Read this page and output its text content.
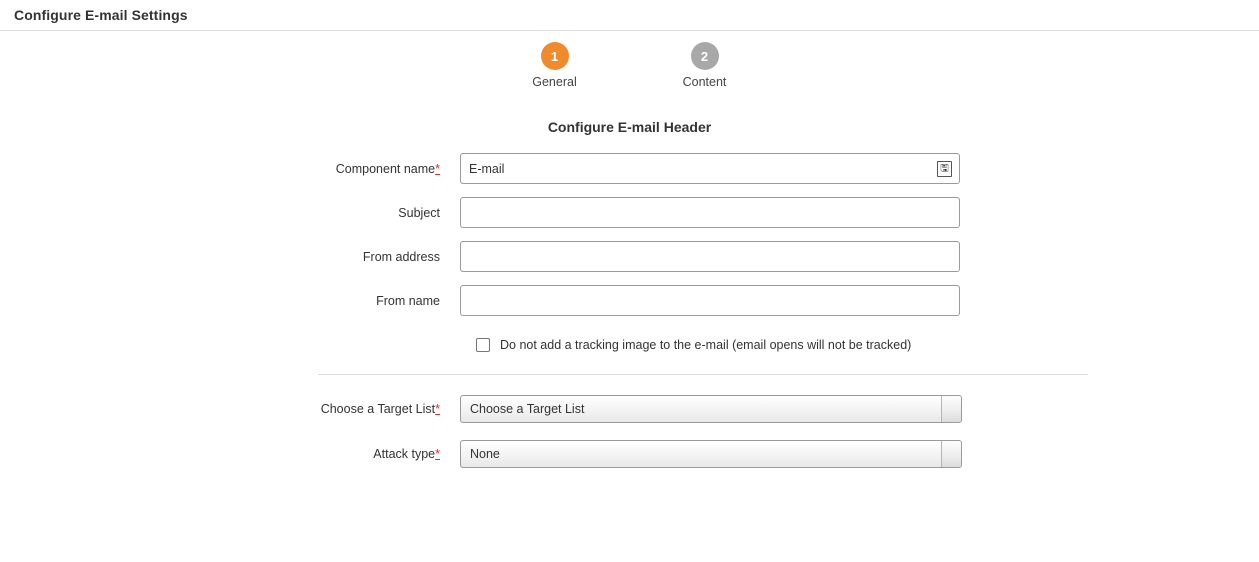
Configure E-mail Settings
1
General
2
Content
Configure E-mail Header
Component name*
E-mail	🖫
Subject
From address
From name
Do not add a tracking image to the e-mail (email opens will not be tracked)
Choose a Target List*	Choose a Target List
Attack type*	None
